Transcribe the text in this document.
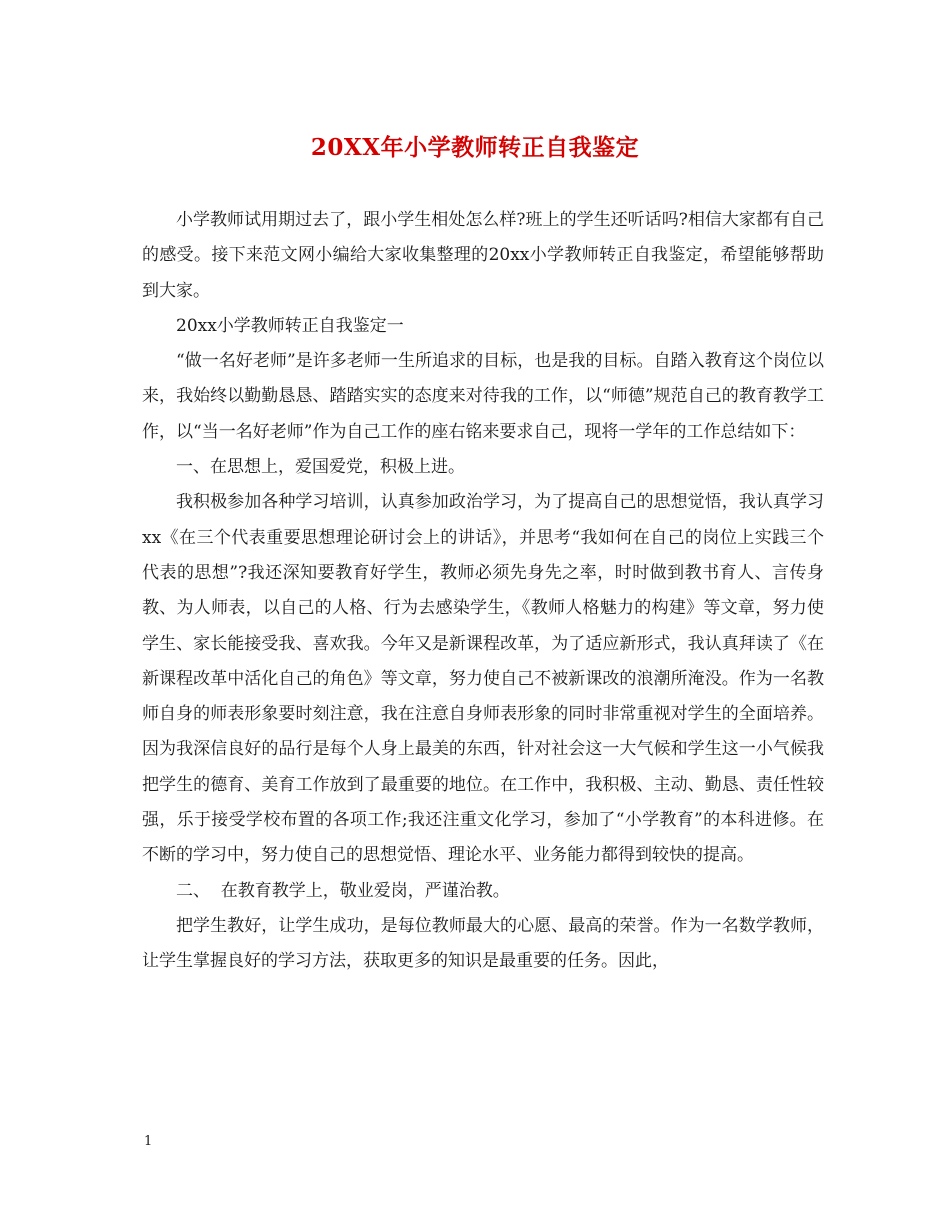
20XX年小学教师转正自我鉴定

小学教师试用期过去了，跟小学生相处怎么样?班上的学生还听话吗?相信大家都有自己的感受。接下来范文网小编给大家收集整理的20xx小学教师转正自我鉴定，希望能够帮助到大家。

20xx小学教师转正自我鉴定一

“做一名好老师”是许多老师一生所追求的目标，也是我的目标。自踏入教育这个岗位以来，我始终以勤勤恳恳、踏踏实实的态度来对待我的工作，以“师德”规范自己的教育教学工作，以“当一名好老师”作为自己工作的座右铭来要求自己，现将一学年的工作总结如下：

一、在思想上，爱国爱党，积极上进。

我积极参加各种学习培训，认真参加政治学习，为了提高自己的思想觉悟，我认真学习xx《在三个代表重要思想理论研讨会上的讲话》，并思考“我如何在自己的岗位上实践三个代表的思想”?我还深知要教育好学生，教师必须先身先之率，时时做到教书育人、言传身教、为人师表，以自己的人格、行为去感染学生，《教师人格魅力的构建》等文章，努力使学生、家长能接受我、喜欢我。今年又是新课程改革，为了适应新形式，我认真拜读了《在新课程改革中活化自己的角色》等文章，努力使自己不被新课改的浪潮所淹没。作为一名教师自身的师表形象要时刻注意，我在注意自身师表形象的同时非常重视对学生的全面培养。因为我深信良好的品行是每个人身上最美的东西，针对社会这一大气候和学生这一小气候我把学生的德育、美育工作放到了最重要的地位。在工作中，我积极、主动、勤恳、责任性较强，乐于接受学校布置的各项工作;我还注重文化学习，参加了“小学教育”的本科进修。在不断的学习中，努力使自己的思想觉悟、理论水平、业务能力都得到较快的提高。

二、  在教育教学上，敬业爱岗，严谨治教。

把学生教好，让学生成功，是每位教师最大的心愿、最高的荣誉。作为一名数学教师，让学生掌握良好的学习方法，获取更多的知识是最重要的任务。因此，

1
